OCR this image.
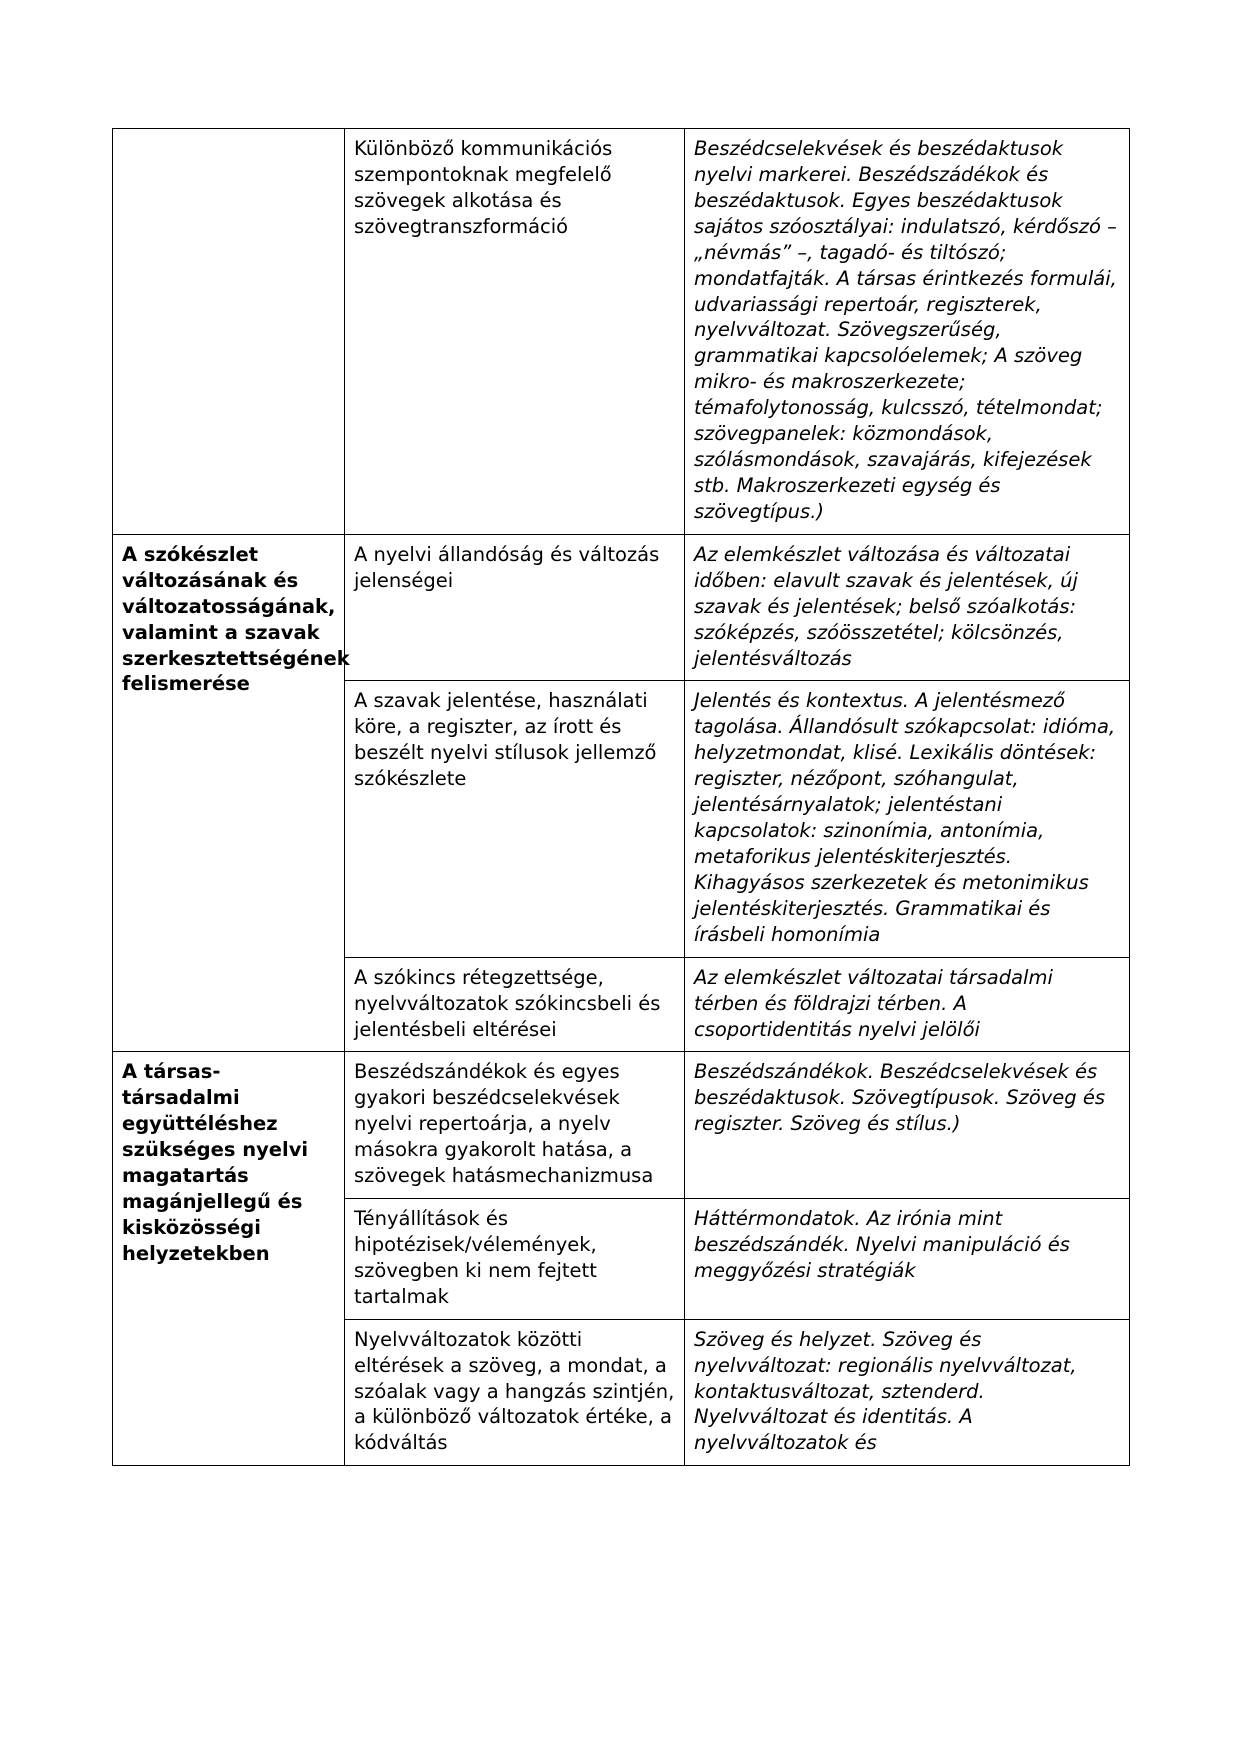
	Különböző kommunikációs szempontoknak megfelelő szövegek alkotása és szövegtranszformáció	Beszédcselekvések és beszédaktusok nyelvi markerei. Beszédszádékok és beszédaktusok. Egyes beszédaktusok sajátos szóosztályai: indulatszó, kérdőszó – „névmás” –, tagadó- és tiltószó; mondatfajták. A társas érintkezés formulái, udvariassági repertoár, regiszterek, nyelvváltozat. Szövegszerűség, grammatikai kapcsolóelemek; A szöveg mikro- és makroszerkezete; témafolytonosság, kulcsszó, tételmondat; szövegpanelek: közmondások, szólásmondások, szavajárás, kifejezések stb. Makroszerkezeti egység és szövegtípus.)
A szókészlet változásának és változatosságának, valamint a szavak szerkesztettségének felismerése	A nyelvi állandóság és változás jelenségei	Az elemkészlet változása és változatai időben: elavult szavak és jelentések, új szavak és jelentések; belső szóalkotás: szóképzés, szóösszetétel; kölcsönzés, jelentésváltozás
	A szavak jelentése, használati köre, a regiszter, az írott és beszélt nyelvi stílusok jellemző szókészlete	Jelentés és kontextus. A jelentésmező tagolása. Állandósult szókapcsolat: idióma, helyzetmondat, klisé. Lexikális döntések: regiszter, nézőpont, szóhangulat, jelentésárnyalatok; jelentéstani kapcsolatok: szinonímia, antonímia, metaforikus jelentéskiterjesztés. Kihagyásos szerkezetek és metonimikus jelentéskiterjesztés. Grammatikai és írásbeli homonímia
	A szókincs rétegzettsége, nyelvváltozatok szókincsbeli és jelentésbeli eltérései	Az elemkészlet változatai társadalmi térben és földrajzi térben. A csoportidentitás nyelvi jelölői
A társas-társadalmi együttéléshez szükséges nyelvi magatartás magánjellegű és kisközösségi helyzetekben	Beszédszándékok és egyes gyakori beszédcselekvések nyelvi repertoárja, a nyelv másokra gyakorolt hatása, a szövegek hatásmechanizmusa	Beszédszándékok. Beszédcselekvések és beszédaktusok. Szövegtípusok. Szöveg és regiszter. Szöveg és stílus.)
	Tényállítások és hipotézisek/vélemények, szövegben ki nem fejtett tartalmak	Háttérmondatok. Az irónia mint beszédszándék. Nyelvi manipuláció és meggyőzési stratégiák
	Nyelvváltozatok közötti eltérések a szöveg, a mondat, a szóalak vagy a hangzás szintjén, a különböző változatok értéke, a kódváltás	Szöveg és helyzet. Szöveg és nyelvváltozat: regionális nyelvváltozat, kontaktusváltozat, sztenderd. Nyelvváltozat és identitás. A nyelvváltozatok és
